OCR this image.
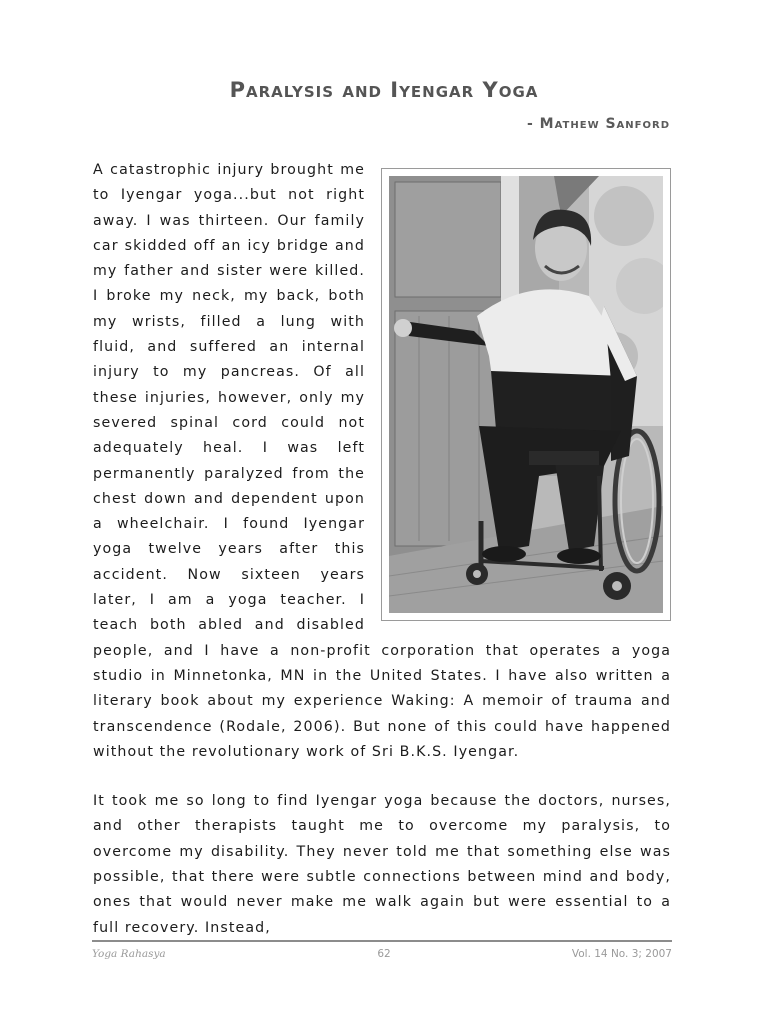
Paralysis and Iyengar Yoga
- Mathew Sanford

A catastrophic injury brought me to Iyengar yoga...but not right away. I was thirteen. Our family car skidded off an icy bridge and my father and sister were killed. I broke my neck, my back, both my wrists, filled a lung with fluid, and suffered an internal injury to my pancreas. Of all these injuries, however, only my severed spinal cord could not adequately heal. I was left permanently paralyzed from the chest down and dependent upon a wheelchair. I found Iyengar yoga twelve years after this accident. Now sixteen years later, I am a yoga teacher. I teach both abled and disabled people, and I have a non-profit corporation that operates a yoga studio in Minnetonka, MN in the United States. I have also written a literary book about my experience Waking: A memoir of trauma and transcendence (Rodale, 2006). But none of this could have happened without the revolutionary work of Sri B.K.S. Iyengar.

It took me so long to find Iyengar yoga because the doctors, nurses, and other therapists taught me to overcome my paralysis, to overcome my disability. They never told me that something else was possible, that there were subtle connections between mind and body, ones that would never make me walk again but were essential to a full recovery. Instead,

Yoga Rahasya	62	Vol. 14 No. 3; 2007
